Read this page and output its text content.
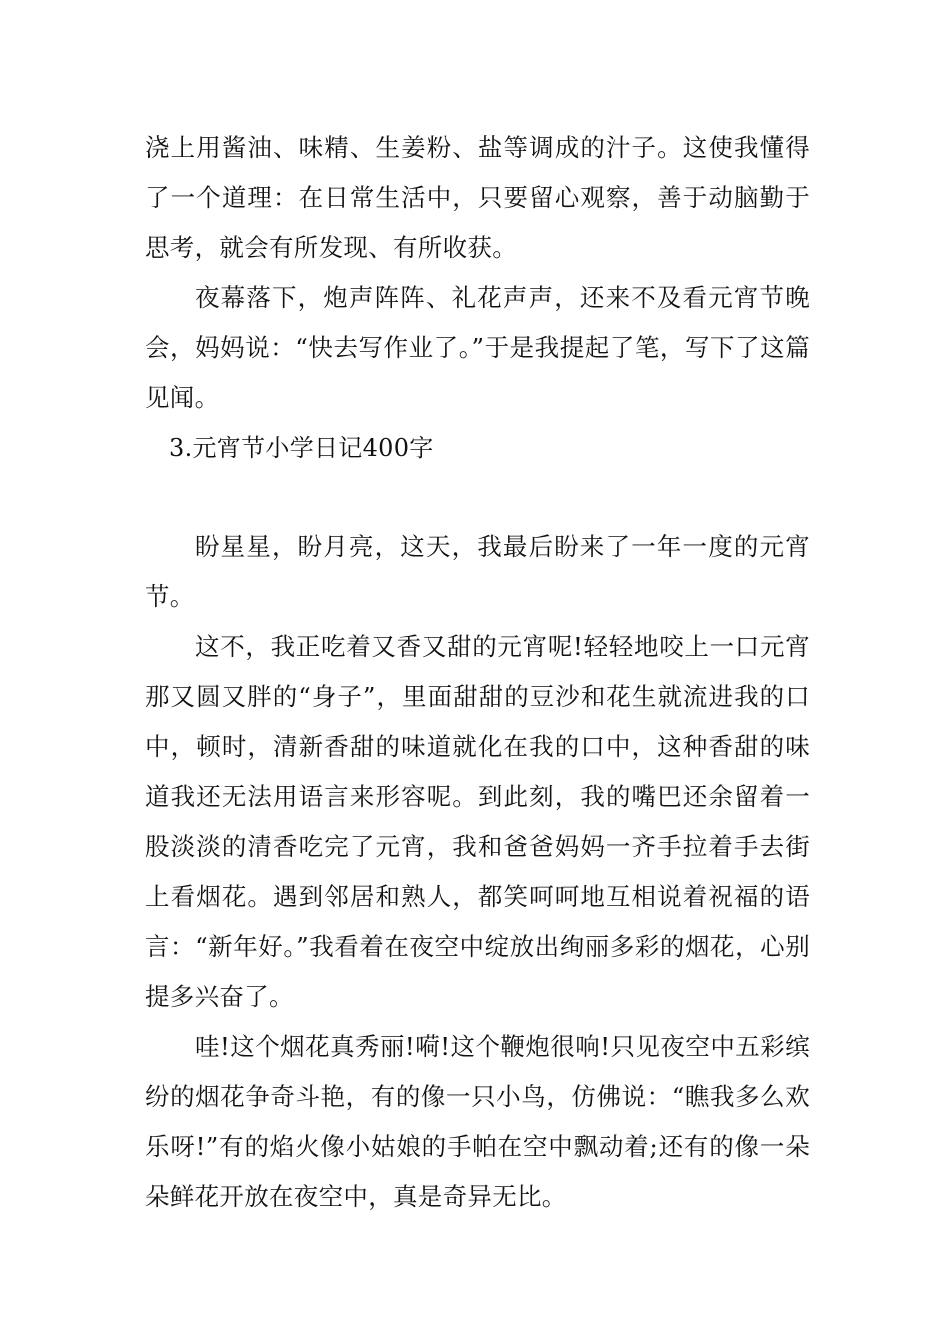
浇上用酱油、味精、生姜粉、盐等调成的汁子。这使我懂得了一个道理：在日常生活中，只要留心观察，善于动脑勤于思考，就会有所发现、有所收获。

夜幕落下，炮声阵阵、礼花声声，还来不及看元宵节晚会，妈妈说：“快去写作业了。”于是我提起了笔，写下了这篇见闻。

3.元宵节小学日记400字

盼星星，盼月亮，这天，我最后盼来了一年一度的元宵节。

这不，我正吃着又香又甜的元宵呢!轻轻地咬上一口元宵那又圆又胖的“身子”，里面甜甜的豆沙和花生就流进我的口中，顿时，清新香甜的味道就化在我的口中，这种香甜的味道我还无法用语言来形容呢。到此刻，我的嘴巴还余留着一股淡淡的清香吃完了元宵，我和爸爸妈妈一齐手拉着手去街上看烟花。遇到邻居和熟人，都笑呵呵地互相说着祝福的语言：“新年好。”我看着在夜空中绽放出绚丽多彩的烟花，心别提多兴奋了。

哇!这个烟花真秀丽!嗬!这个鞭炮很响!只见夜空中五彩缤纷的烟花争奇斗艳，有的像一只小鸟，仿佛说：“瞧我多么欢乐呀!”有的焰火像小姑娘的手帕在空中飘动着;还有的像一朵朵鲜花开放在夜空中，真是奇异无比。
